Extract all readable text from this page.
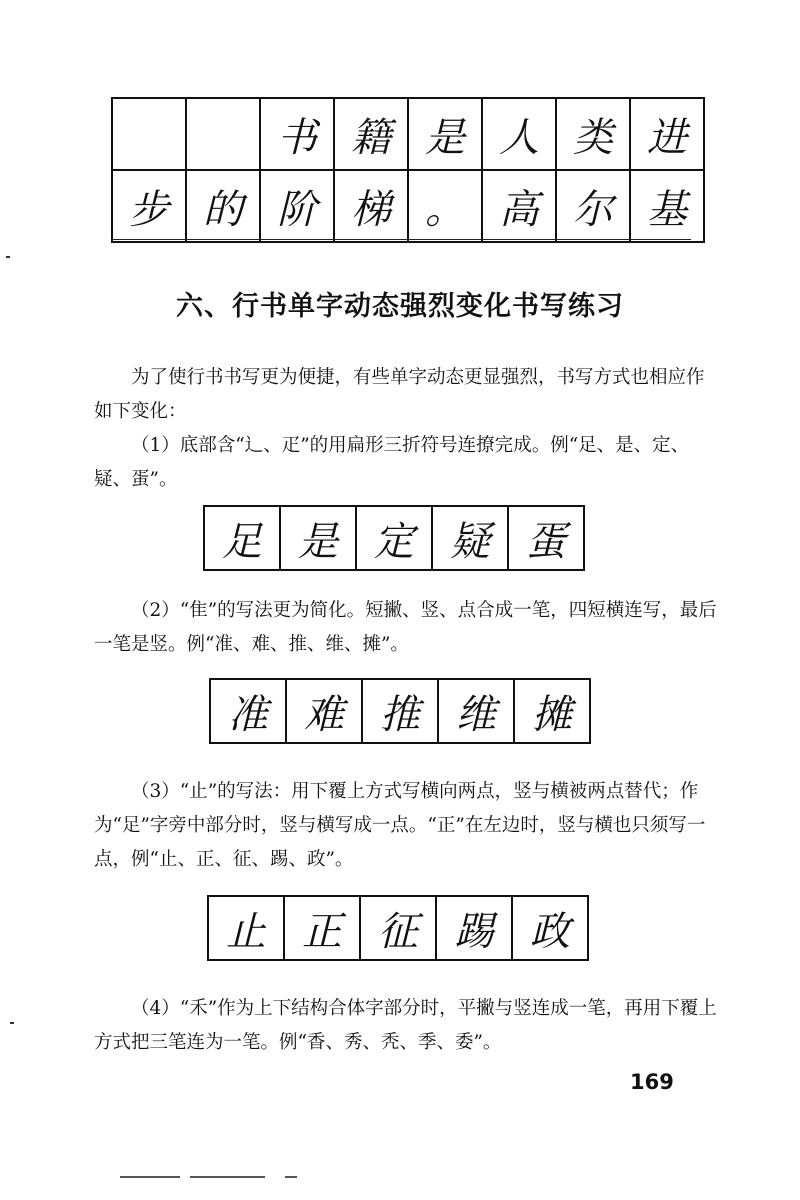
		书	籍	是	人	类	进
步	的	阶	梯	。	高	尔	基
六、行书单字动态强烈变化书写练习
为了使行书书写更为便捷，有些单字动态更显强烈，书写方式也相应作如下变化：
（1）底部含“辶、疋”的用扁形三折符号连撩完成。例“足、是、定、疑、蛋”。
足	是	定	疑	蛋
（2）“隹”的写法更为简化。短撇、竖、点合成一笔，四短横连写，最后一笔是竖。例“准、难、推、维、摊”。
准	难	推	维	摊
（3）“止”的写法：用下覆上方式写横向两点，竖与横被两点替代；作为“足”字旁中部分时，竖与横写成一点。“正”在左边时，竖与横也只须写一点，例“止、正、征、踢、政”。
止	正	征	踢	政
（4）“禾”作为上下结构合体字部分时，平撇与竖连成一笔，再用下覆上方式把三笔连为一笔。例“香、秀、秃、季、委”。
169
